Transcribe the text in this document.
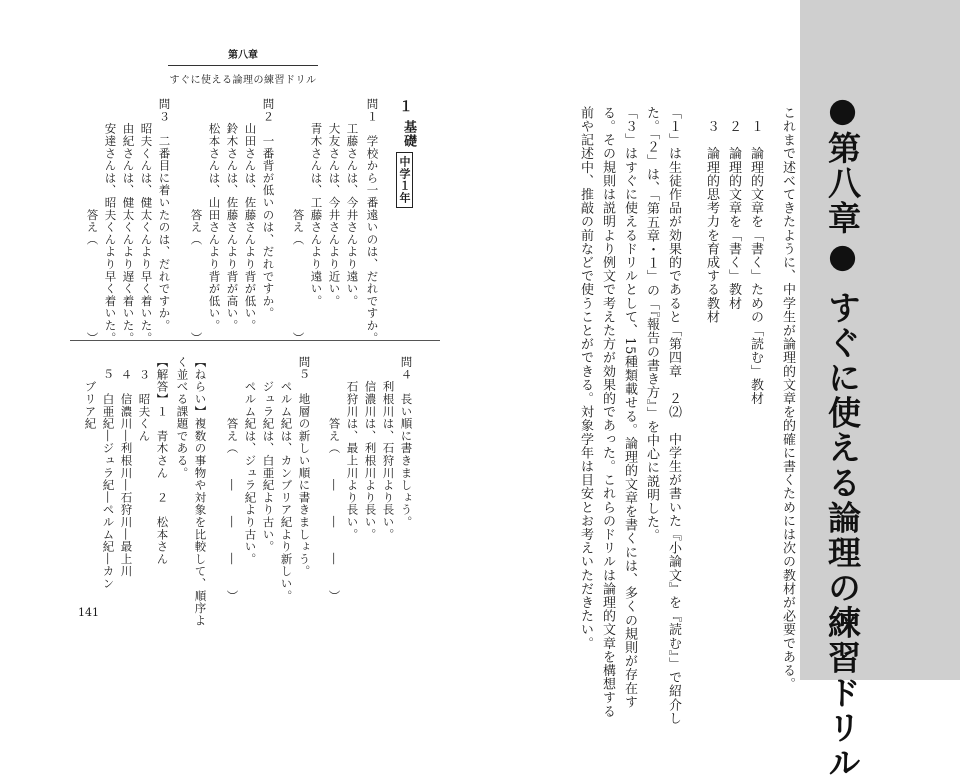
●第八章● すぐに使える論理の練習ドリル
第八章
すぐに使える論理の練習ドリル
これまで述べてきたように、中学生が論理的文章を的確に書くためには次の教材が必要である。
　１　論理的文章を「書く」ための「読む」教材
　２　論理的文章を「書く」教材
　３　論理的思考力を育成する教材
「１」は生徒作品が効果的であると「第四章　２⑵　中学生が書いた『小論文』を『読む』」で紹介し
た。「２」は、「第五章・１」の「『報告の書き方』」を中心に説明した。
「３」はすぐに使えるドリルとして、15種類載せる。論理的文章を書くには、多くの規則が存在す
る。その規則は説明より例文で考えた方が効果的であった。これらのドリルは論理的文章を構想する
前や記述中、推敲の前などで使うことができる。対象学年は目安とお考えいただきたい。
１
基礎
中学１年
問１　学校から一番遠いのは、だれですか。
　　工藤さんは、今井さんより遠い。
　　大友さんは、今井さんより近い。
　　青木さんは、工藤さんより遠い。
　　　　　　　　　答え（　　　　　　　）
問２　一番背が低いのは、だれですか。
　　山田さんは、佐藤さんより背が低い。
　　鈴木さんは、佐藤さんより背が高い。
　　松本さんは、山田さんより背が低い。
　　　　　　　　　答え（　　　　　　　）
問３　二番目に着いたのは、だれですか。
　　昭夫くんは、健太くんより早く着いた。
　　由紀さんは、健太くんより遅く着いた。
　　安達さんは、昭夫くんより早く着いた。
　　　　　　　　　答え（　　　　　　　）
問４　長い順に書きましょう。
　　利根川は、石狩川より長い。
　　信濃川は、利根川より長い。
　　石狩川は、最上川より長い。
　　　　　答え（　　―　　―　　―　　）
問５　地層の新しい順に書きましょう。
　　ペルム紀は、カンブリア紀より新しい。
　　ジュラ紀は、白亜紀より古い。
　　ペルム紀は、ジュラ紀より古い。
　　　　　答え（　　―　　―　　―　　）
【ねらい】複数の事物や対象を比較して、順序よ
く並べる課題である。
【解答】１　青木さん　２　松本さん
　３　昭夫くん
　４　信濃川―利根川―石狩川―最上川
　５　白亜紀―ジュラ紀―ペルム紀―カン
　　ブリア紀
141
